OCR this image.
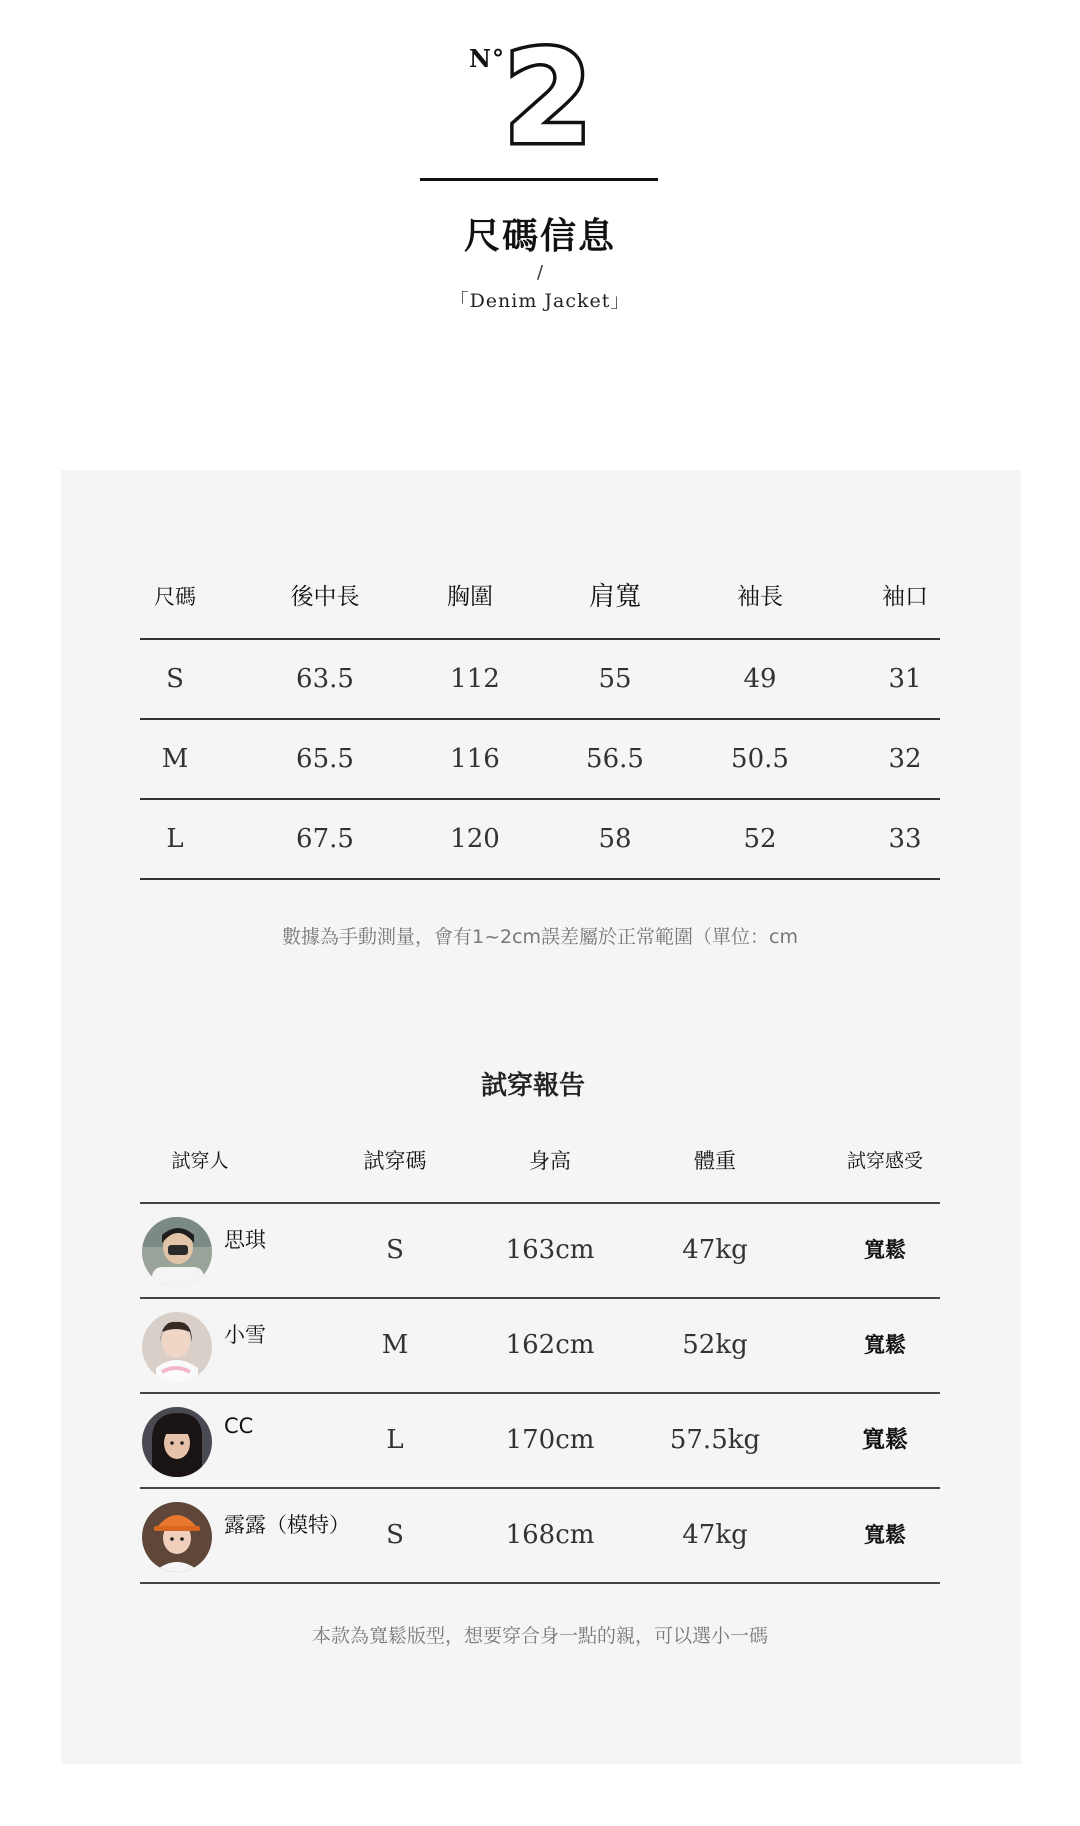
N°
2
尺碼信息
/
「Denim Jacket」
尺碼	後中長	胸圍	肩寬	袖長	袖口
S	63.5	112	55	49	31
M	65.5	116	56.5	50.5	32
L	67.5	120	58	52	33
數據為手動測量，會有1~2cm誤差屬於正常範圍（單位：cm
試穿報告
試穿人	試穿碼	身高	體重	試穿感受
思琪	S	163cm	47kg	寬鬆
小雪	M	162cm	52kg	寬鬆
CC	L	170cm	57.5kg	寬鬆
露露（模特）	S	168cm	47kg	寬鬆
本款為寬鬆版型，想要穿合身一點的親，可以選小一碼
